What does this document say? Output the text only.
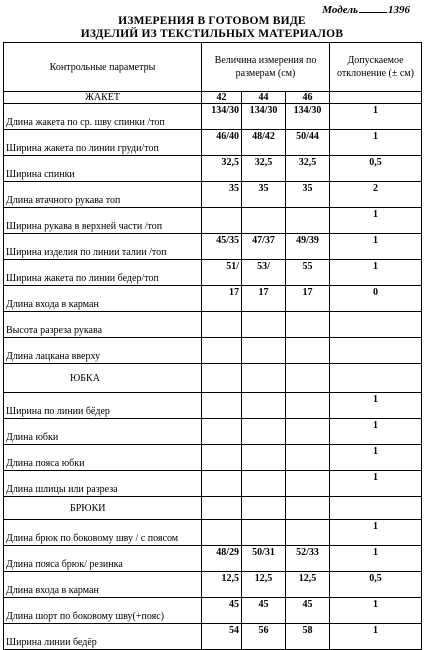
Модель	1396
ИЗМЕРЕНИЯ В ГОТОВОМ ВИДЕ
ИЗДЕЛИЙ ИЗ ТЕКСТИЛЬНЫХ МАТЕРИАЛОВ
Контрольные параметры	Величина измерения по размерам (см)			Допускаемое отклонение (± см)
ЖАКЕТ	42	44	46	
Длина жакета по ср. шву спинки /топ	134/30	134/30	134/30	1
Ширина жакета по линии груди/топ	46/40	48/42	50/44	1
Ширина спинки	32,5	32,5	32,5	0,5
Длина втачного рукава топ	35	35	35	2
Ширина рукава в верхней части /топ				1
Ширина изделия по линии талии /топ	45/35	47/37	49/39	1
Ширина жакета по линии бедер/топ	51/	53/	55	1
Длина входа в карман	17	17	17	0
Высота разреза рукава				
Длина лацкана вверху				
ЮБКА				
Ширина по линии бёдер				1
Длина юбки				1
Длина пояса юбки				1
Длина шлицы или разреза				1
БРЮКИ				
Длина брюк по боковому шву / с поясом				1
Длина пояса брюк/ резинка	48/29	50/31	52/33	1
Длина входа в карман	12,5	12,5	12,5	0,5
Длина шорт по боковому шву(+пояс)	45	45	45	1
Ширина линии бедёр	54	56	58	1
